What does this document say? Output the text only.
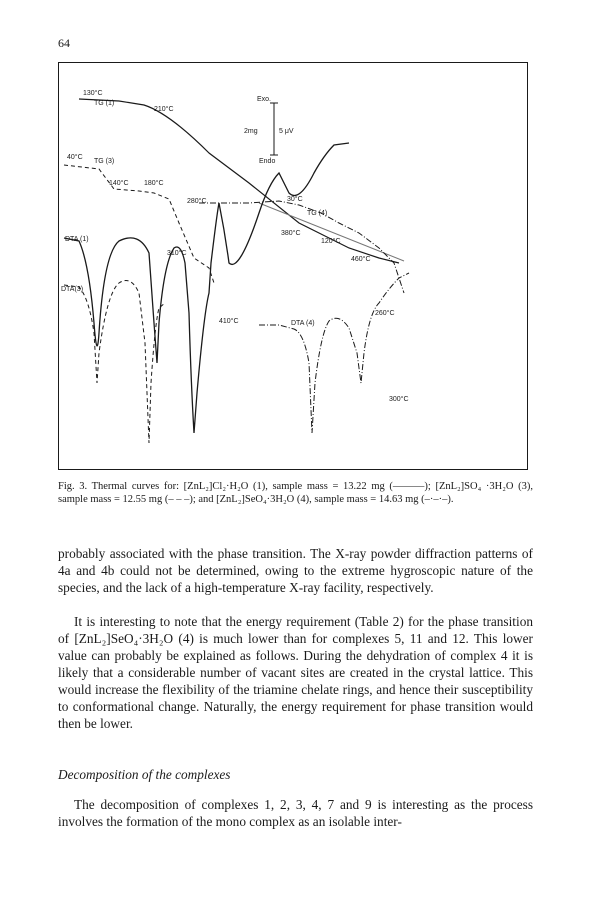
64
130°C
TG (1)
210°C
Exo.
2mg	5 μV
Endo
40°C
TG (3)
140°C 180°C
280°C	30°C
TG (4)
DTA (1)
380°C
120°C
310°C
460°C
DTA(3)
410°C	DTA (4)
260°C
300°C
Fig. 3. Thermal curves for: [ZnL₂]Cl₂·H₂O (1), sample mass = 13.22 mg (———); [ZnL₂]SO₄ ·3H₂O (3), sample mass = 12.55 mg (– – –); and [ZnL₂]SeO₄·3H₂O (4), sample mass = 14.63 mg (–·–·–).

probably associated with the phase transition. The X-ray powder diffraction patterns of 4a and 4b could not be determined, owing to the extreme hygroscopic nature of the species, and the lack of a high-temperature X-ray facility, respectively.

It is interesting to note that the energy requirement (Table 2) for the phase transition of [ZnL₂]SeO₄·3H₂O (4) is much lower than for complexes 5, 11 and 12. This lower value can probably be explained as follows. During the dehydration of complex 4 it is likely that a considerable number of vacant sites are created in the crystal lattice. This would increase the flexibility of the triamine chelate rings, and hence their susceptibility to conformational change. Naturally, the energy requirement for phase transition would then be lower.

Decomposition of the complexes

The decomposition of complexes 1, 2, 3, 4, 7 and 9 is interesting as the process involves the formation of the mono complex as an isolable inter-
